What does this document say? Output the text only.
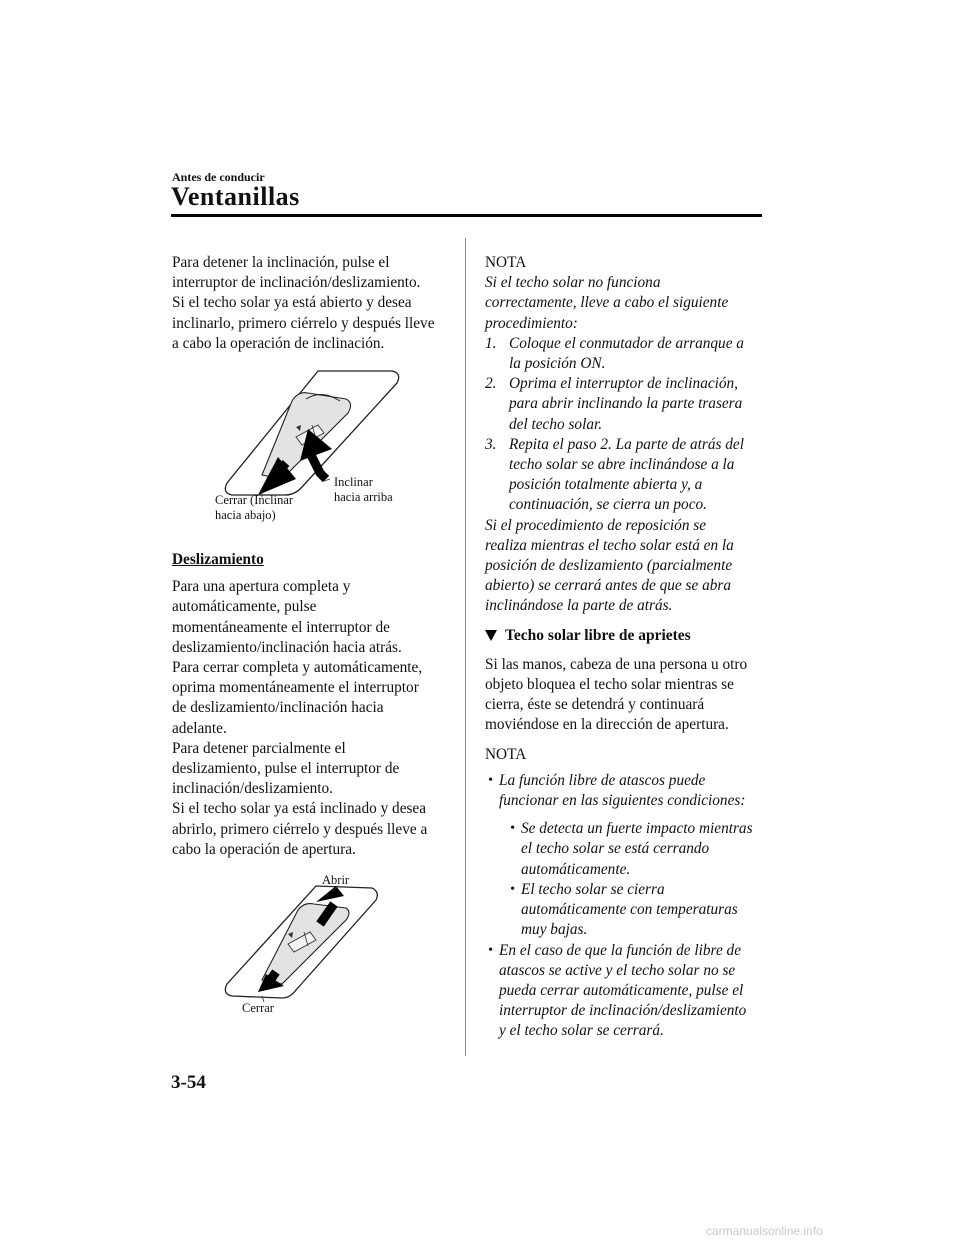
Antes de conducir
Ventanillas
Para detener la inclinación, pulse el
interruptor de inclinación/deslizamiento.
Si el techo solar ya está abierto y desea
inclinarlo, primero ciérrelo y después lleve
a cabo la operación de inclinación.
Cerrar (Inclinar
hacia abajo)
Inclinar
hacia arriba
Deslizamiento
Para una apertura completa y
automáticamente, pulse
momentáneamente el interruptor de
deslizamiento/inclinación hacia atrás.
Para cerrar completa y automáticamente,
oprima momentáneamente el interruptor
de deslizamiento/inclinación hacia
adelante.
Para detener parcialmente el
deslizamiento, pulse el interruptor de
inclinación/deslizamiento.
Si el techo solar ya está inclinado y desea
abrirlo, primero ciérrelo y después lleve a
cabo la operación de apertura.
Abrir
Cerrar
NOTA
Si el techo solar no funciona
correctamente, lleve a cabo el siguiente
procedimiento:
1. Coloque el conmutador de arranque a
la posición ON.
2. Oprima el interruptor de inclinación,
para abrir inclinando la parte trasera
del techo solar.
3. Repita el paso 2. La parte de atrás del
techo solar se abre inclinándose a la
posición totalmente abierta y, a
continuación, se cierra un poco.
Si el procedimiento de reposición se
realiza mientras el techo solar está en la
posición de deslizamiento (parcialmente
abierto) se cerrará antes de que se abra
inclinándose la parte de atrás.
Techo solar libre de aprietes
Si las manos, cabeza de una persona u otro
objeto bloquea el techo solar mientras se
cierra, éste se detendrá y continuará
moviéndose en la dirección de apertura.
NOTA
• La función libre de atascos puede
funcionar en las siguientes condiciones:
• Se detecta un fuerte impacto mientras
el techo solar se está cerrando
automáticamente.
• El techo solar se cierra
automáticamente con temperaturas
muy bajas.
• En el caso de que la función de libre de
atascos se active y el techo solar no se
pueda cerrar automáticamente, pulse el
interruptor de inclinación/deslizamiento
y el techo solar se cerrará.
3-54
carmanualsonline.info
